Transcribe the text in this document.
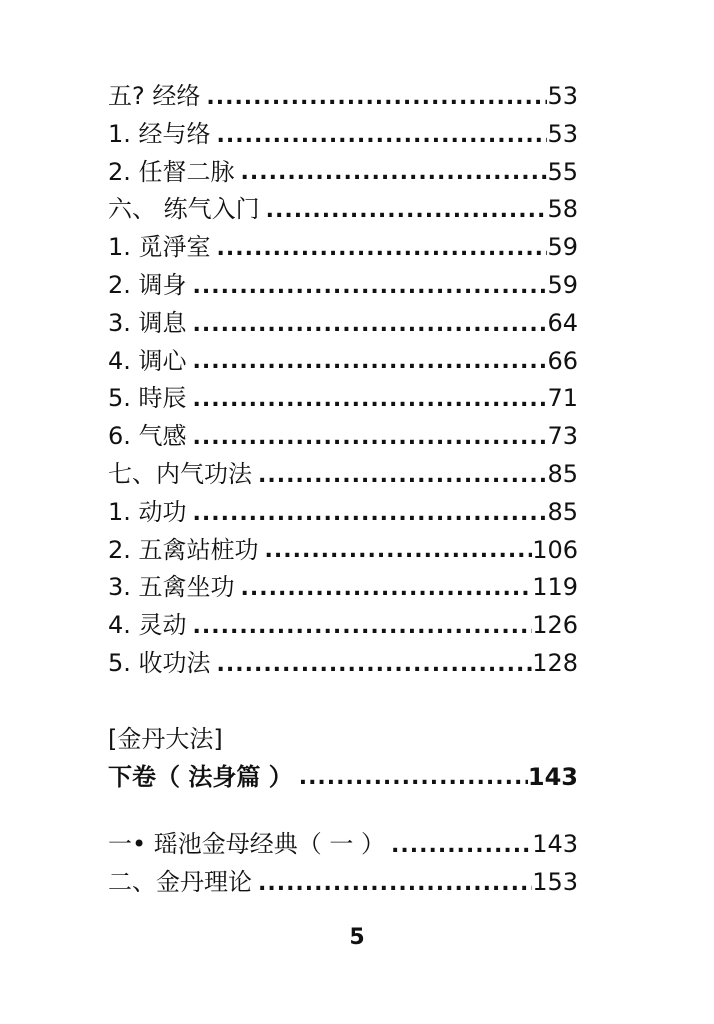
五? 经络 .....	53
1. 经与络 .....	53
2. 任督二脉 .....	55
六、 练气入门 .....	58
1. 觅淨室 .....	59
2. 调身 .....	59
3. 调息 .....	64
4. 调心 .....	66
5. 時辰 .....	71
6. 气感 .....	73
七、内气功法 .....	85
1. 动功 .....	85
2. 五禽站桩功 .....	106
3. 五禽坐功 .....	119
4. 灵动 .....	126
5. 收功法 .....	128
[金丹大法]
下卷（ 法身篇 ） .....	143
一• 瑶池金母经典（ 一 ） .....	143
二、金丹理论 .....	153
5
